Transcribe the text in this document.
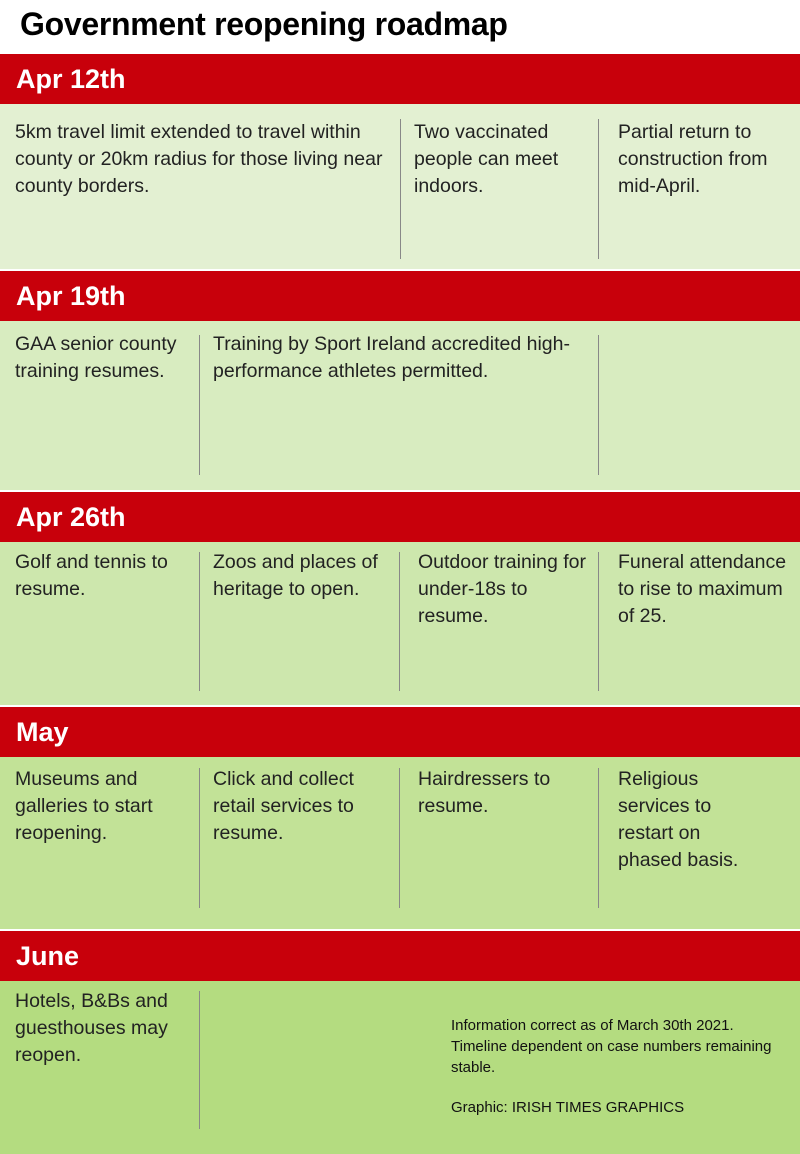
Government reopening roadmap
Apr 12th
5km travel limit extended to travel within county or 20km radius for those living near county borders.
Two vaccinated people can meet indoors.
Partial return to construction from mid-April.
Apr 19th
GAA senior county training resumes.
Training by Sport Ireland accredited high-performance athletes permitted.
Apr 26th
Golf and tennis to resume.
Zoos and places of heritage to open.
Outdoor training for under-18s to resume.
Funeral attendance to rise to maximum of 25.
May
Museums and galleries to start reopening.
Click and collect retail services to resume.
Hairdressers to resume.
Religious services to restart on phased basis.
June
Hotels, B&Bs and guesthouses may reopen.
Information correct as of March 30th 2021. Timeline dependent on case numbers remaining stable.
Graphic: IRISH TIMES GRAPHICS
